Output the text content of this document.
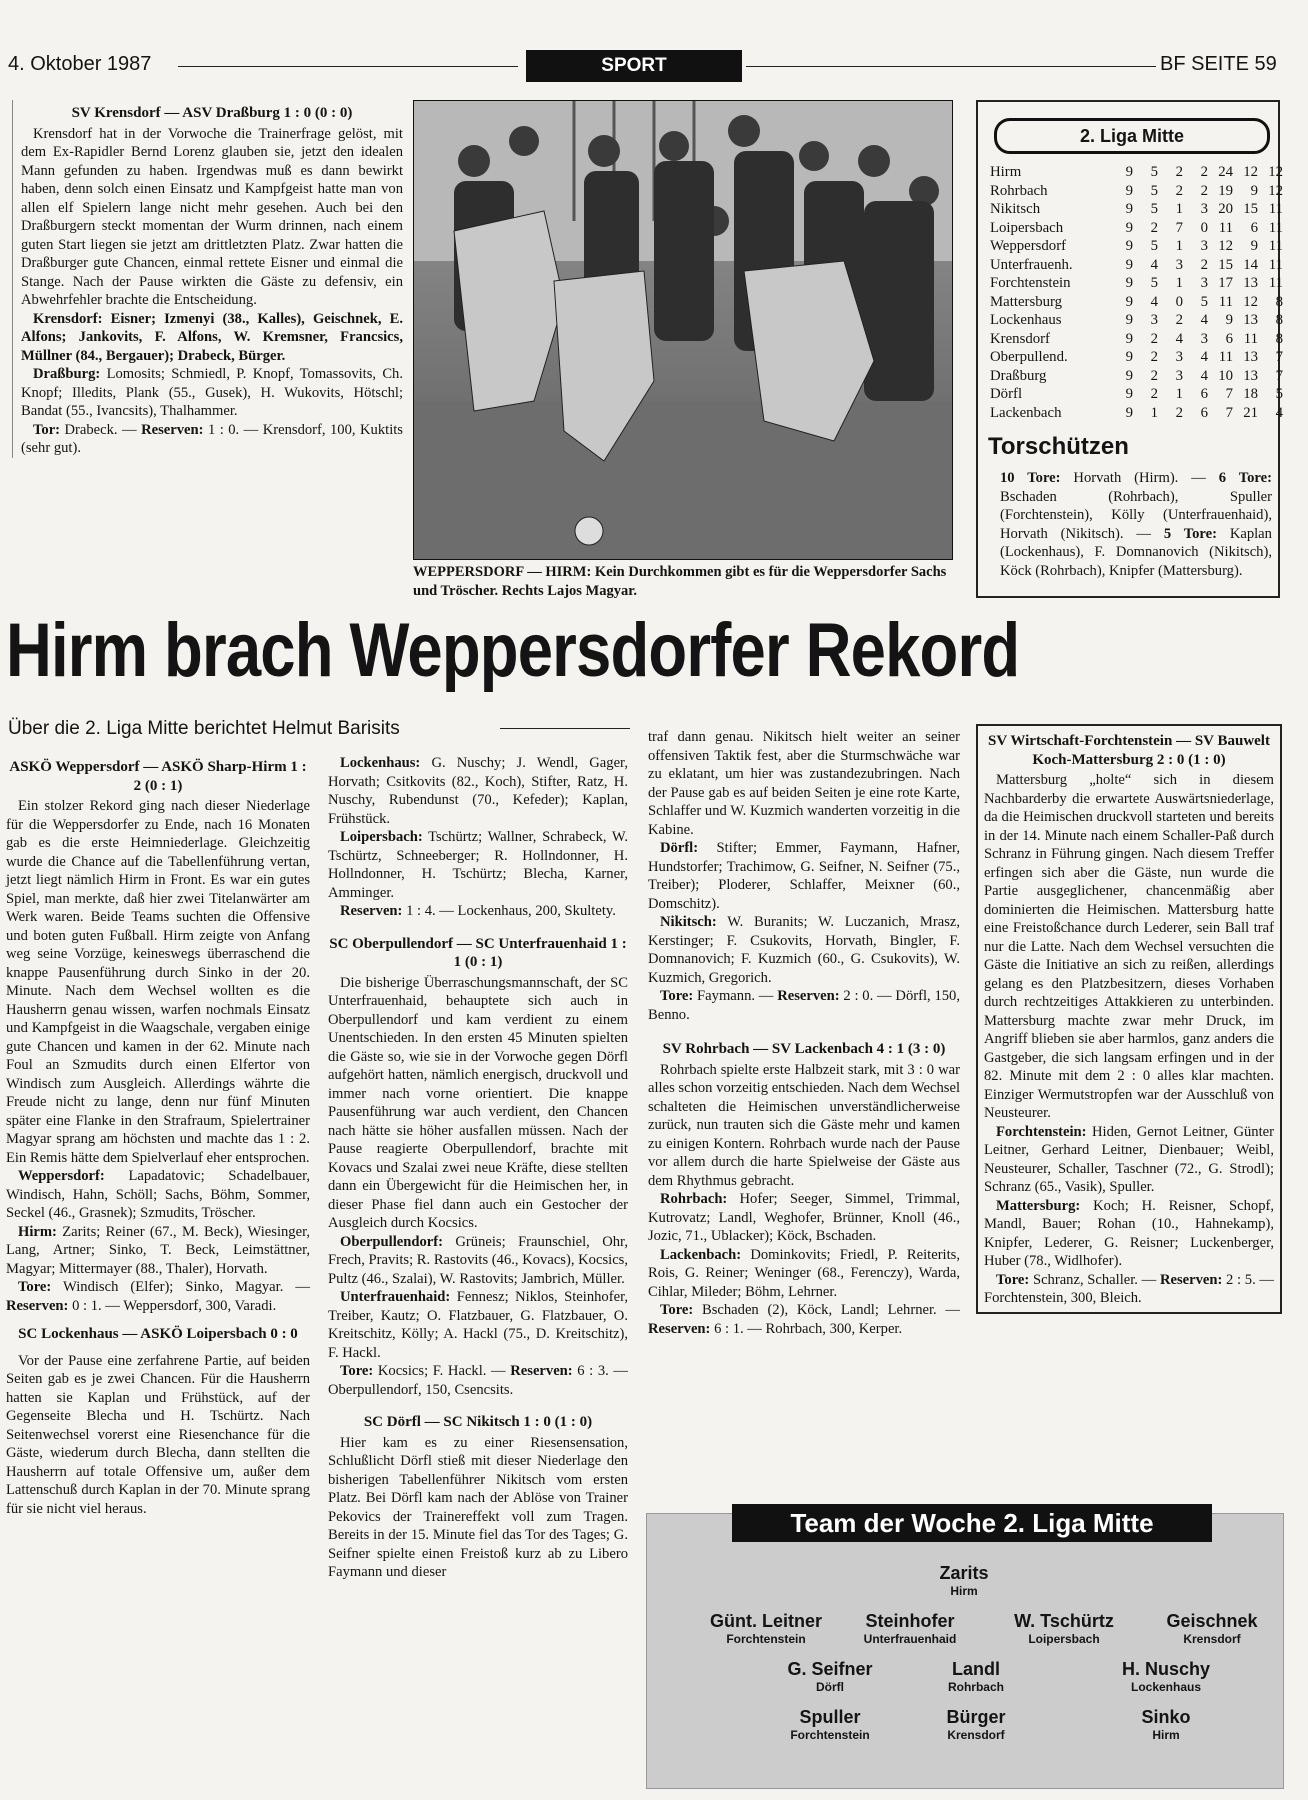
4. Oktober 1987	SPORT	BF SEITE 59
SV Krensdorf — ASV Draßburg 1 : 0 (0 : 0)

Krensdorf hat in der Vorwoche die Trainerfrage gelöst, mit dem Ex-Rapidler Bernd Lorenz glauben sie, jetzt den idealen Mann gefunden zu haben. Irgendwas muß es dann bewirkt haben, denn solch einen Einsatz und Kampfgeist hatte man von allen elf Spielern lange nicht mehr gesehen. Auch bei den Draßburgern steckt momentan der Wurm drinnen, nach einem guten Start liegen sie jetzt am drittletzten Platz. Zwar hatten die Draßburger gute Chancen, einmal rettete Eisner und einmal die Stange. Nach der Pause wirkten die Gäste zu defensiv, ein Abwehrfehler brachte die Entscheidung.

Krensdorf: Eisner; Izmenyi (38., Kalles), Geischnek, E. Alfons; Jankovits, F. Alfons, W. Kremsner, Francsics, Müllner (84., Bergauer); Drabeck, Bürger.

Draßburg: Lomosits; Schmiedl, P. Knopf, Tomassovits, Ch. Knopf; Illedits, Plank (55., Gusek), H. Wukovits, Hötschl; Bandat (55., Ivancsits), Thalhammer.

Tor: Drabeck. — Reserven: 1 : 0. — Krensdorf, 100, Kuktits (sehr gut).

WEPPERSDORF — HIRM: Kein Durchkommen gibt es für die Weppersdorfer Sachs und Tröscher. Rechts Lajos Magyar.
2. Liga Mitte
Hirm	9	5	2	2	24	12	12
Rohrbach	9	5	2	2	19	9	12
Nikitsch	9	5	1	3	20	15	11
Loipersbach	9	2	7	0	11	6	11
Weppersdorf	9	5	1	3	12	9	11
Unterfrauenh.	9	4	3	2	15	14	11
Forchtenstein	9	5	1	3	17	13	11
Mattersburg	9	4	0	5	11	12	8
Lockenhaus	9	3	2	4	9	13	8
Krensdorf	9	2	4	3	6	11	8
Oberpullend.	9	2	3	4	11	13	7
Draßburg	9	2	3	4	10	13	7
Dörfl	9	2	1	6	7	18	5
Lackenbach	9	1	2	6	7	21	4
Torschützen

10 Tore: Horvath (Hirm). — 6 Tore: Bschaden (Rohrbach), Spuller (Forchtenstein), Kölly (Unterfrauenhaid), Horvath (Nikitsch). — 5 Tore: Kaplan (Lockenhaus), F. Domnanovich (Nikitsch), Köck (Rohrbach), Knipfer (Mattersburg).

Hirm brach Weppersdorfer Rekord
Über die 2. Liga Mitte berichtet Helmut Barisits
ASKÖ Weppersdorf — ASKÖ Sharp-Hirm 1 : 2 (0 : 1)

Ein stolzer Rekord ging nach dieser Niederlage für die Weppersdorfer zu Ende, nach 16 Monaten gab es die erste Heimniederlage. Gleichzeitig wurde die Chance auf die Tabellenführung vertan, jetzt liegt nämlich Hirm in Front. Es war ein gutes Spiel, man merkte, daß hier zwei Titelanwärter am Werk waren. Beide Teams suchten die Offensive und boten guten Fußball. Hirm zeigte von Anfang weg seine Vorzüge, keineswegs überraschend die knappe Pausenführung durch Sinko in der 20. Minute. Nach dem Wechsel wollten es die Hausherrn genau wissen, warfen nochmals Einsatz und Kampfgeist in die Waagschale, vergaben einige gute Chancen und kamen in der 62. Minute nach Foul an Szmudits durch einen Elfertor von Windisch zum Ausgleich. Allerdings währte die Freude nicht zu lange, denn nur fünf Minuten später eine Flanke in den Strafraum, Spielertrainer Magyar sprang am höchsten und machte das 1 : 2. Ein Remis hätte dem Spielverlauf eher entsprochen.

Weppersdorf: Lapadatovic; Schadelbauer, Windisch, Hahn, Schöll; Sachs, Böhm, Sommer, Seckel (46., Grasnek); Szmudits, Tröscher.

Hirm: Zarits; Reiner (67., M. Beck), Wiesinger, Lang, Artner; Sinko, T. Beck, Leimstättner, Magyar; Mittermayer (88., Thaler), Horvath.

Tore: Windisch (Elfer); Sinko, Magyar. — Reserven: 0 : 1. — Weppersdorf, 300, Varadi.

SC Lockenhaus — ASKÖ Loipersbach 0 : 0

Vor der Pause eine zerfahrene Partie, auf beiden Seiten gab es je zwei Chancen. Für die Hausherrn hatten sie Kaplan und Frühstück, auf der Gegenseite Blecha und H. Tschürtz. Nach Seitenwechsel vorerst eine Riesenchance für die Gäste, wiederum durch Blecha, dann stellten die Hausherrn auf totale Offensive um, außer dem Lattenschuß durch Kaplan in der 70. Minute sprang für sie nicht viel heraus.

Lockenhaus: G. Nuschy; J. Wendl, Gager, Horvath; Csitkovits (82., Koch), Stifter, Ratz, H. Nuschy, Rubendunst (70., Kefeder); Kaplan, Frühstück.

Loipersbach: Tschürtz; Wallner, Schrabeck, W. Tschürtz, Schneeberger; R. Hollndonner, H. Hollndonner, H. Tschürtz; Blecha, Karner, Amminger.

Reserven: 1 : 4. — Lockenhaus, 200, Skultety.

SC Oberpullendorf — SC Unterfrauenhaid 1 : 1 (0 : 1)

Die bisherige Überraschungsmannschaft, der SC Unterfrauenhaid, behauptete sich auch in Oberpullendorf und kam verdient zu einem Unentschieden. In den ersten 45 Minuten spielten die Gäste so, wie sie in der Vorwoche gegen Dörfl aufgehört hatten, nämlich energisch, druckvoll und immer nach vorne orientiert. Die knappe Pausenführung war auch verdient, den Chancen nach hätte sie höher ausfallen müssen. Nach der Pause reagierte Oberpullendorf, brachte mit Kovacs und Szalai zwei neue Kräfte, diese stellten dann ein Übergewicht für die Heimischen her, in dieser Phase fiel dann auch ein Gestocher der Ausgleich durch Kocsics.

Oberpullendorf: Grüneis; Fraunschiel, Ohr, Frech, Pravits; R. Rastovits (46., Kovacs), Kocsics, Pultz (46., Szalai), W. Rastovits; Jambrich, Müller.

Unterfrauenhaid: Fennesz; Niklos, Steinhofer, Treiber, Kautz; O. Flatzbauer, G. Flatzbauer, O. Kreitschitz, Kölly; A. Hackl (75., D. Kreitschitz), F. Hackl.

Tore: Kocsics; F. Hackl. — Reserven: 6 : 3. — Oberpullendorf, 150, Csencsits.

SC Dörfl — SC Nikitsch 1 : 0 (1 : 0)

Hier kam es zu einer Riesensensation, Schlußlicht Dörfl stieß mit dieser Niederlage den bisherigen Tabellenführer Nikitsch vom ersten Platz. Bei Dörfl kam nach der Ablöse von Trainer Pekovics der Trainereffekt voll zum Tragen. Bereits in der 15. Minute fiel das Tor des Tages; G. Seifner spielte einen Freistoß kurz ab zu Libero Faymann und dieser

traf dann genau. Nikitsch hielt weiter an seiner offensiven Taktik fest, aber die Sturmschwäche war zu eklatant, um hier was zustandezubringen. Nach der Pause gab es auf beiden Seiten je eine rote Karte, Schlaffer und W. Kuzmich wanderten vorzeitig in die Kabine.

Dörfl: Stifter; Emmer, Faymann, Hafner, Hundstorfer; Trachimow, G. Seifner, N. Seifner (75., Treiber); Ploderer, Schlaffer, Meixner (60., Domschitz).

Nikitsch: W. Buranits; W. Luczanich, Mrasz, Kerstinger; F. Csukovits, Horvath, Bingler, F. Domnanovich; F. Kuzmich (60., G. Csukovits), W. Kuzmich, Gregorich.

Tore: Faymann. — Reserven: 2 : 0. — Dörfl, 150, Benno.

SV Rohrbach — SV Lackenbach 4 : 1 (3 : 0)

Rohrbach spielte erste Halbzeit stark, mit 3 : 0 war alles schon vorzeitig entschieden. Nach dem Wechsel schalteten die Heimischen unverständlicherweise zurück, nun trauten sich die Gäste mehr und kamen zu einigen Kontern. Rohrbach wurde nach der Pause vor allem durch die harte Spielweise der Gäste aus dem Rhythmus gebracht.

Rohrbach: Hofer; Seeger, Simmel, Trimmal, Kutrovatz; Landl, Weghofer, Brünner, Knoll (46., Jozic, 71., Ublacker); Köck, Bschaden.

Lackenbach: Dominkovits; Friedl, P. Reiterits, Rois, G. Reiner; Weninger (68., Ferenczy), Warda, Cihlar, Mileder; Böhm, Lehrner.

Tore: Bschaden (2), Köck, Landl; Lehrner. — Reserven: 6 : 1. — Rohrbach, 300, Kerper.

SV Wirtschaft-Forchtenstein — SV Bauwelt Koch-Mattersburg 2 : 0 (1 : 0)

Mattersburg „holte“ sich in diesem Nachbarderby die erwartete Auswärtsniederlage, da die Heimischen druckvoll starteten und bereits in der 14. Minute nach einem Schaller-Paß durch Schranz in Führung gingen. Nach diesem Treffer erfingen sich aber die Gäste, nun wurde die Partie ausgeglichener, chancenmäßig aber dominierten die Heimischen. Mattersburg hatte eine Freistoßchance durch Lederer, sein Ball traf nur die Latte. Nach dem Wechsel versuchten die Gäste die Initiative an sich zu reißen, allerdings gelang es den Platzbesitzern, dieses Vorhaben durch rechtzeitiges Attakkieren zu unterbinden. Mattersburg machte zwar mehr Druck, im Angriff blieben sie aber harmlos, ganz anders die Gastgeber, die sich langsam erfingen und in der 82. Minute mit dem 2 : 0 alles klar machten. Einziger Wermutstropfen war der Ausschluß von Neusteurer.

Forchtenstein: Hiden, Gernot Leitner, Günter Leitner, Gerhard Leitner, Dienbauer; Weibl, Neusteurer, Schaller, Taschner (72., G. Strodl); Schranz (65., Vasik), Spuller.

Mattersburg: Koch; H. Reisner, Schopf, Mandl, Bauer; Rohan (10., Hahnekamp), Knipfer, Lederer, G. Reisner; Luckenberger, Huber (78., Widlhofer).

Tore: Schranz, Schaller. — Reserven: 2 : 5. — Forchtenstein, 300, Bleich.

Team der Woche 2. Liga Mitte
Zarits
Hirm
Günt. Leitner
Forchtenstein
Steinhofer
Unterfrauenhaid
W. Tschürtz
Loipersbach
Geischnek
Krensdorf
G. Seifner
Dörfl
Landl
Rohrbach
H. Nuschy
Lockenhaus
Spuller
Forchtenstein
Bürger
Krensdorf
Sinko
Hirm
